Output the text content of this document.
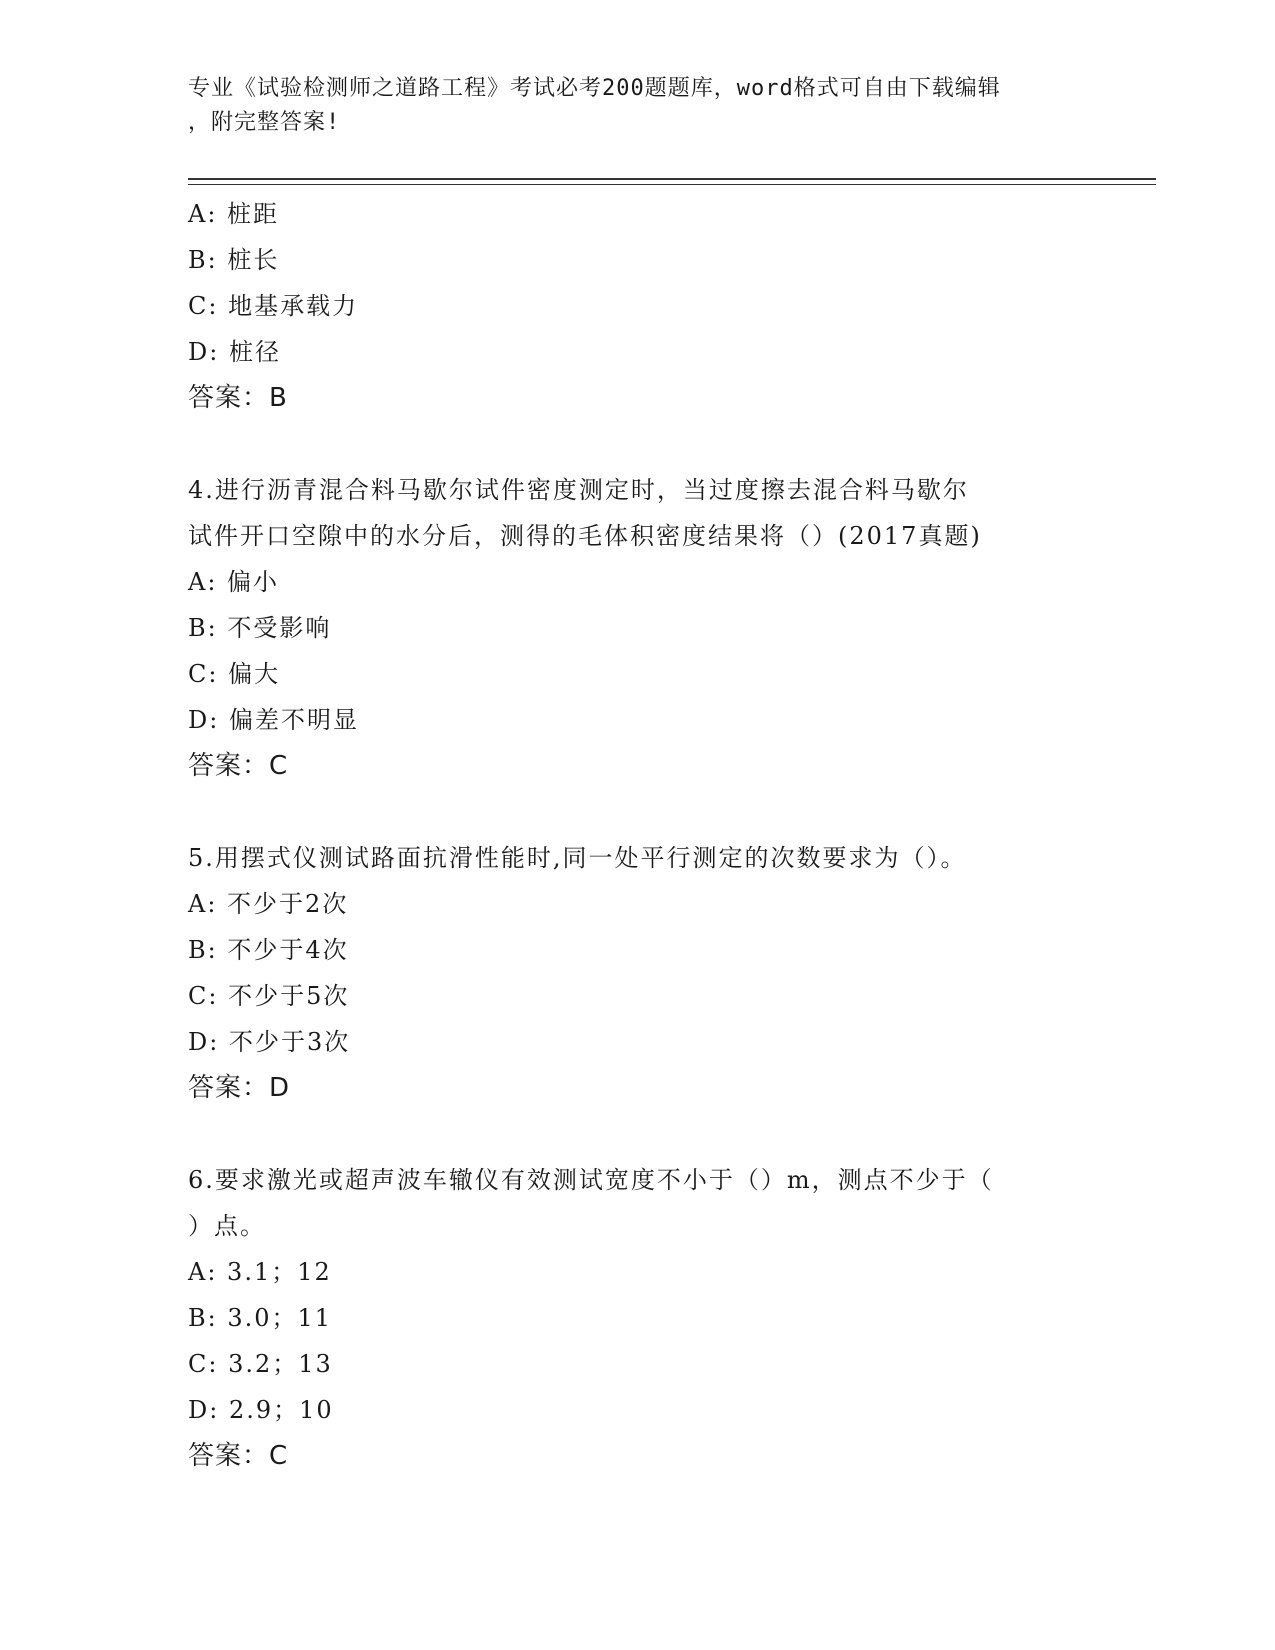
专业《试验检测师之道路工程》考试必考200题题库，word格式可自由下载编辑
，附完整答案!
A: 桩距
B: 桩长
C: 地基承载力
D: 桩径
答案：B
4.进行沥青混合料马歇尔试件密度测定时，当过度擦去混合料马歇尔
试件开口空隙中的水分后，测得的毛体积密度结果将（）(2017真题)
A: 偏小
B: 不受影响
C: 偏大
D: 偏差不明显
答案：C
5.用摆式仪测试路面抗滑性能时,同一处平行测定的次数要求为（）。
A: 不少于2次
B: 不少于4次
C: 不少于5次
D: 不少于3次
答案：D
6.要求激光或超声波车辙仪有效测试宽度不小于（）m，测点不少于（
）点。
A: 3.1；12
B: 3.0；11
C: 3.2；13
D: 2.9；10
答案：C
